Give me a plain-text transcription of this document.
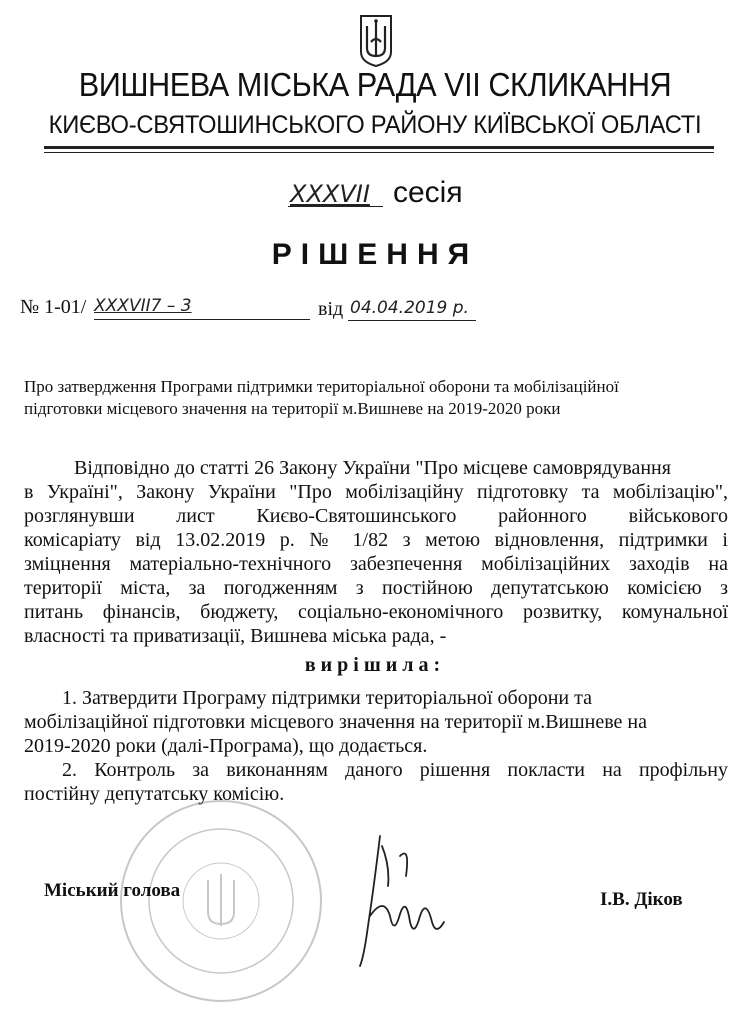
ВИШНЕВА МІСЬКА РАДА VII СКЛИКАННЯ
КИЄВО-СВЯТОШИНСЬКОГО РАЙОНУ КИЇВСЬКОЇ ОБЛАСТІ
XXXVII сесія
РІШЕННЯ
№ 1-01/ XXXVII7 – 3	від 04.04.2019 р.
Про затвердження Програми підтримки територіальної оборони та мобілізаційної
підготовки місцевого значення на території м.Вишневе на 2019-2020 роки
Відповідно до статті 26 Закону України "Про місцеве самоврядування
в Україні", Закону України "Про мобілізаційну підготовку та мобілізацію",
розглянувши лист Києво-Святошинського районного військового
комісаріату від 13.02.2019 р. № 1/82 з метою відновлення, підтримки і
зміцнення матеріально-технічного забезпечення мобілізаційних заходів на
території міста, за погодженням з постійною депутатською комісією з
питань фінансів, бюджету, соціально-економічного розвитку, комунальної
власності та приватизації, Вишнева міська рада, -
вирішила:
1. Затвердити Програму підтримки територіальної оборони та
мобілізаційної підготовки місцевого значення на території м.Вишневе на
2019-2020 роки (далі-Програма), що додається.
2. Контроль за виконанням даного рішення покласти на профільну
постійну депутатську комісію.
Міський голова	І.В. Діков
